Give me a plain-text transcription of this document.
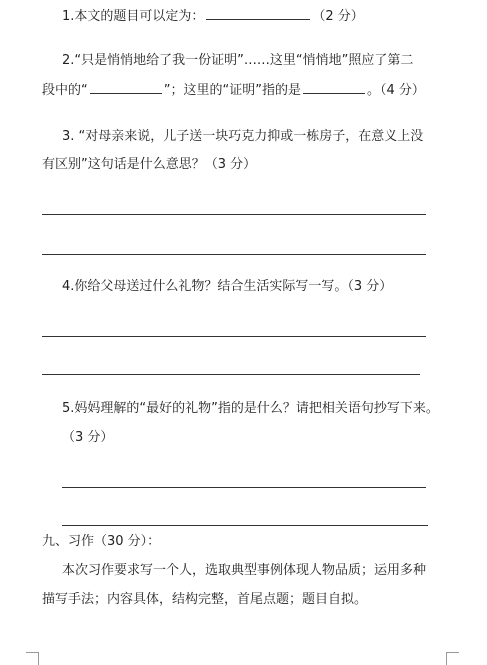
1.本文的题目可以定为：	（2 分）
2.“只是悄悄地给了我一份证明”……这里“悄悄地”照应了第二
段中的“	”；这里的“证明”指的是	。（4 分）
3. “对母亲来说，儿子送一块巧克力抑或一栋房子，在意义上没
有区别”这句话是什么意思？（3 分）
4.你给父母送过什么礼物？结合生活实际写一写。（3 分）
5.妈妈理解的“最好的礼物”指的是什么？请把相关语句抄写下来。
（3 分）
九、习作（30 分）：
本次习作要求写一个人，选取典型事例体现人物品质；运用多种
描写手法；内容具体，结构完整，首尾点题；题目自拟。
